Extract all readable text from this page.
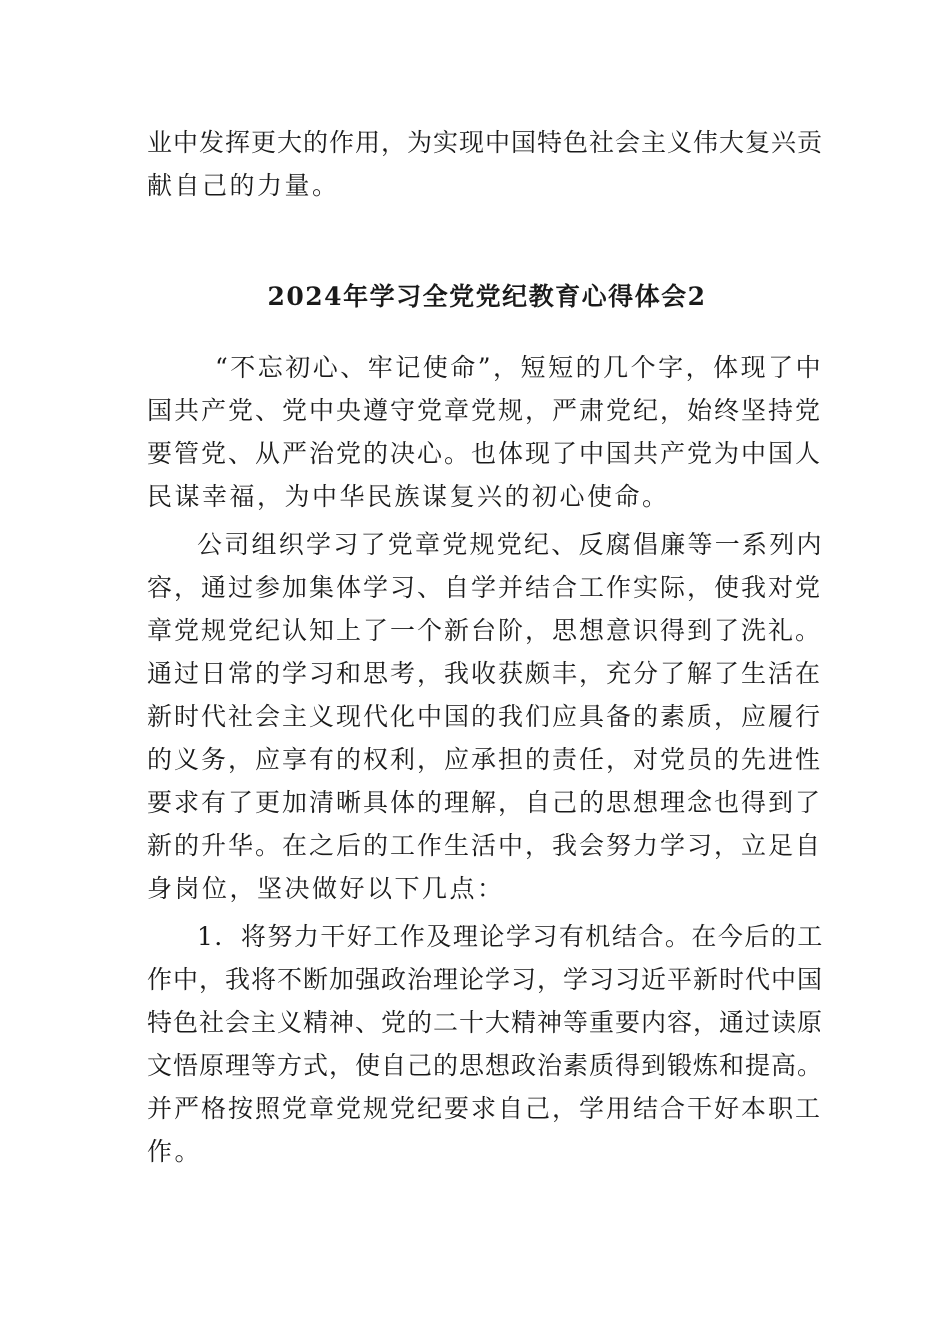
业中发挥更大的作用，为实现中国特色社会主义伟大复兴贡
献自己的力量。
2024年学习全党党纪教育心得体会2
“不忘初心、牢记使命”，短短的几个字，体现了中
国共产党、党中央遵守党章党规，严肃党纪，始终坚持党
要管党、从严治党的决心。也体现了中国共产党为中国人
民谋幸福，为中华民族谋复兴的初心使命。
公司组织学习了党章党规党纪、反腐倡廉等一系列内
容，通过参加集体学习、自学并结合工作实际，使我对党
章党规党纪认知上了一个新台阶，思想意识得到了洗礼。
通过日常的学习和思考，我收获颇丰，充分了解了生活在
新时代社会主义现代化中国的我们应具备的素质，应履行
的义务，应享有的权利，应承担的责任，对党员的先进性
要求有了更加清晰具体的理解，自己的思想理念也得到了
新的升华。在之后的工作生活中，我会努力学习，立足自
身岗位，坚决做好以下几点：
1．将努力干好工作及理论学习有机结合。在今后的工
作中，我将不断加强政治理论学习，学习习近平新时代中国
特色社会主义精神、党的二十大精神等重要内容，通过读原
文悟原理等方式，使自己的思想政治素质得到锻炼和提高。
并严格按照党章党规党纪要求自己，学用结合干好本职工
作。
